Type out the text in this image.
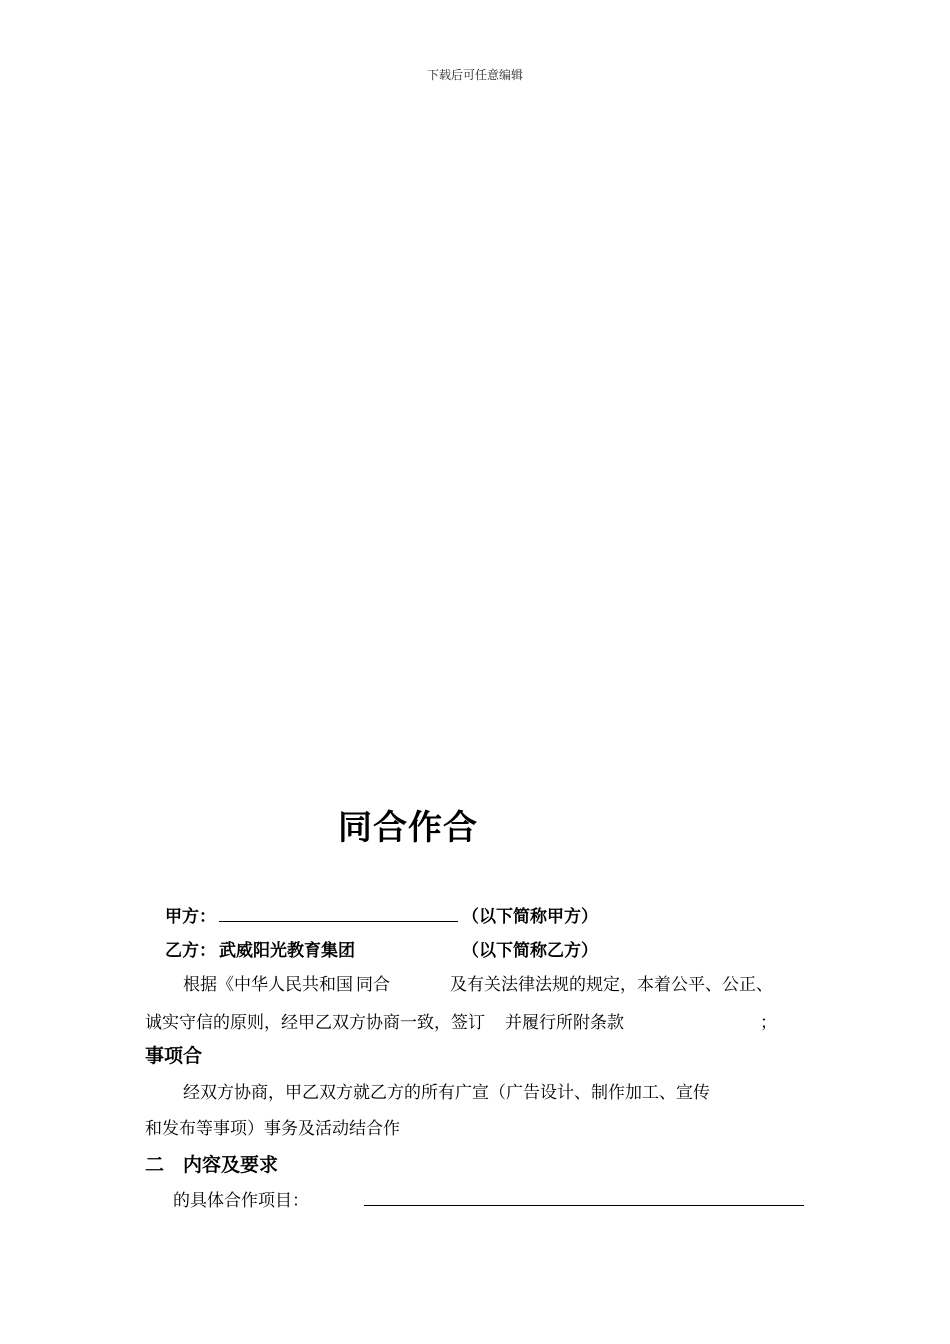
下载后可任意编辑
同合作合
甲方：	（以下简称甲方）
乙方： 武威阳光教育集团	（以下简称乙方）
根据《中华人民共和国 同合	及有关法律法规的规定，本着公平、公正、
诚实守信的原则，经甲乙双方协商一致，签订 并履行所附条款	；
事项合
经双方协商，甲乙双方就乙方的所有广宣（广告设计、制作加工、宣传
和发布等事项）事务及活动结合作
二　内容及要求
的具体合作项目：
